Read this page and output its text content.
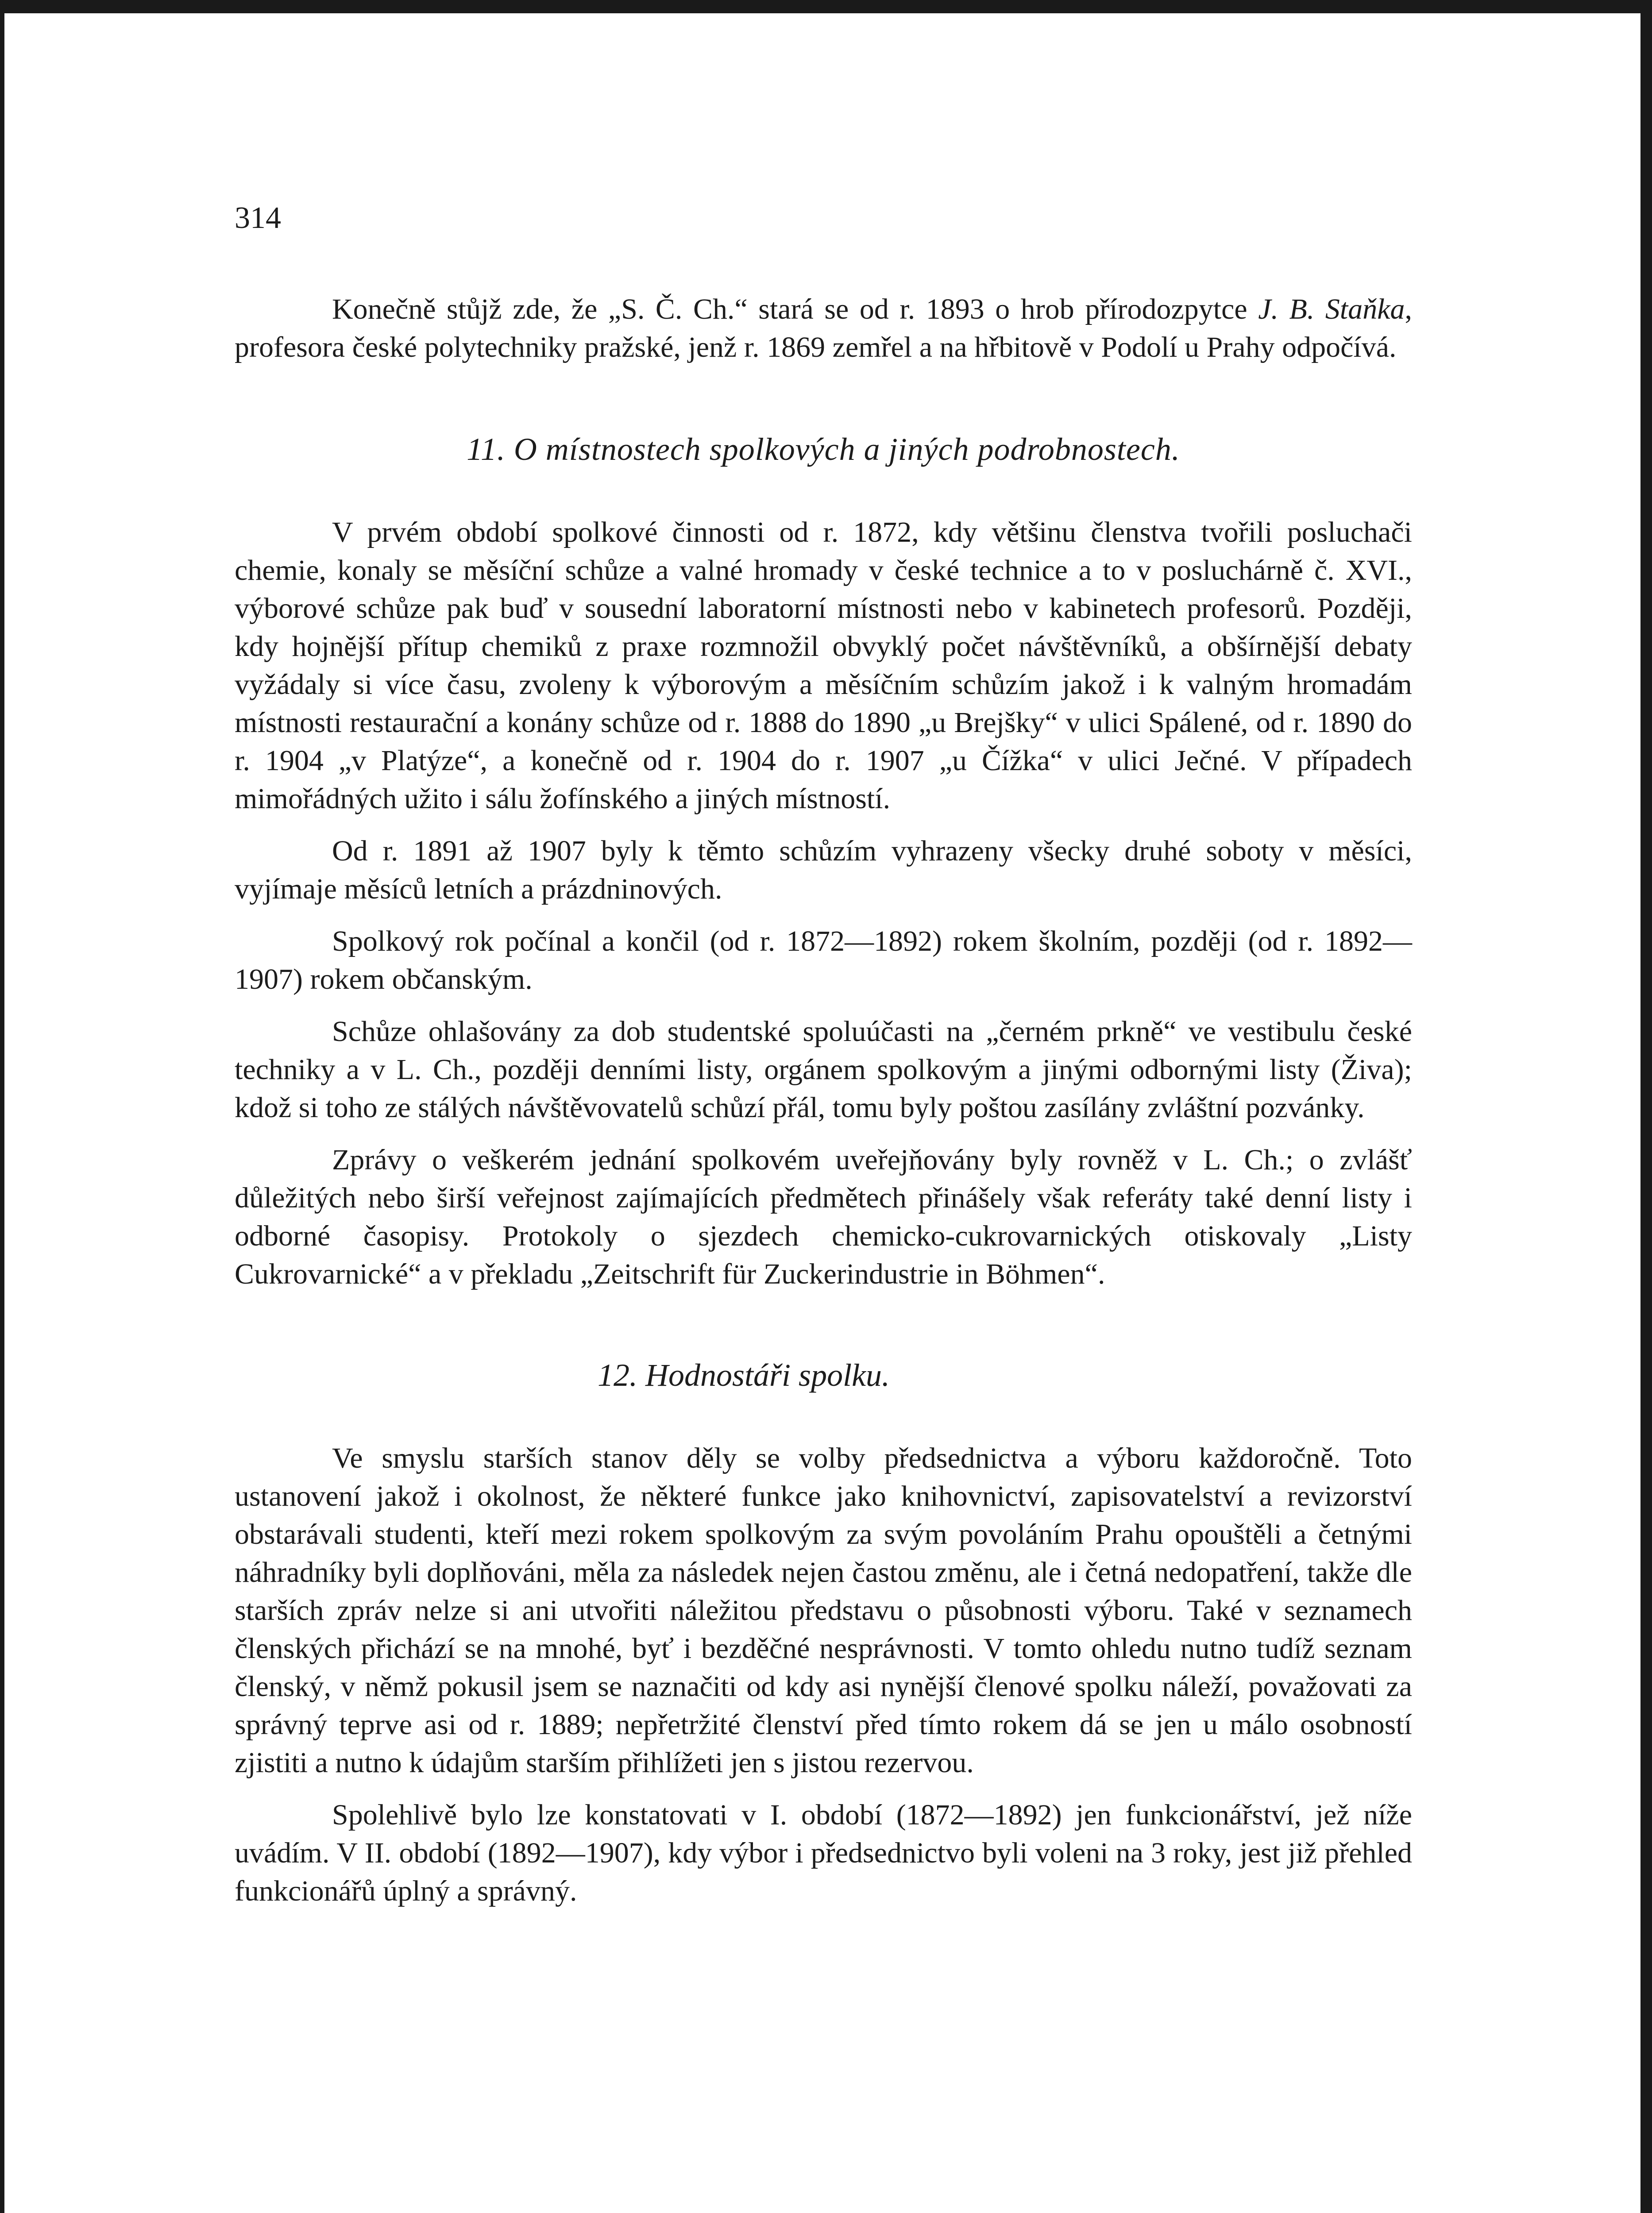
314

Konečně stůjž zde, že „S. Č. Ch.“ stará se od r. 1893 o hrob přírodozpytce J. B. Staňka, profesora české polytechniky pražské, jenž r. 1869 zemřel a na hřbitově v Podolí u Prahy odpočívá.

11. O místnostech spolkových a jiných podrobnostech.

V prvém období spolkové činnosti od r. 1872, kdy většinu členstva tvořili posluchači chemie, konaly se měsíční schůze a valné hromady v české technice a to v posluchárně č. XVI., výborové schůze pak buď v sousední laboratorní místnosti nebo v kabinetech profesorů. Později, kdy hojnější přítup chemiků z praxe rozmnožil obvyklý počet návštěvníků, a obšírnější debaty vyžádaly si více času, zvoleny k výborovým a měsíčním schůzím jakož i k valným hromadám místnosti restaurační a konány schůze od r. 1888 do 1890 „u Brejšky“ v ulici Spálené, od r. 1890 do r. 1904 „v Platýze“, a konečně od r. 1904 do r. 1907 „u Čížka“ v ulici Ječné. V případech mimořádných užito i sálu žofínského a jiných místností.

Od r. 1891 až 1907 byly k těmto schůzím vyhrazeny všecky druhé soboty v měsíci, vyjímaje měsíců letních a prázdninových.

Spolkový rok počínal a končil (od r. 1872—1892) rokem školním, později (od r. 1892—1907) rokem občanským.

Schůze ohlašovány za dob studentské spoluúčasti na „černém prkně“ ve vestibulu české techniky a v L. Ch., později denními listy, orgánem spolkovým a jinými odbornými listy (Živa); kdož si toho ze stálých návštěvovatelů schůzí přál, tomu byly poštou zasílány zvláštní pozvánky.

Zprávy o veškerém jednání spolkovém uveřejňovány byly rovněž v L. Ch.; o zvlášť důležitých nebo širší veřejnost zajímajících předmětech přinášely však referáty také denní listy i odborné časopisy. Protokoly o sjezdech chemicko-cukrovarnických otiskovaly „Listy Cukrovarnické“ a v překladu „Zeitschrift für Zuckerindustrie in Böhmen“.

12. Hodnostáři spolku.

Ve smyslu starších stanov děly se volby předsednictva a výboru každoročně. Toto ustanovení jakož i okolnost, že některé funkce jako knihovnictví, zapisovatelství a revizorství obstarávali studenti, kteří mezi rokem spolkovým za svým povoláním Prahu opouštěli a četnými náhradníky byli doplňováni, měla za následek nejen častou změnu, ale i četná nedopatření, takže dle starších zpráv nelze si ani utvořiti náležitou představu o působnosti výboru. Také v seznamech členských přichází se na mnohé, byť i bezděčné nesprávnosti. V tomto ohledu nutno tudíž seznam členský, v němž pokusil jsem se naznačiti od kdy asi nynější členové spolku náleží, považovati za správný teprve asi od r. 1889; nepřetržité členství před tímto rokem dá se jen u málo osobností zjistiti a nutno k údajům starším přihlížeti jen s jistou rezervou.

Spolehlivě bylo lze konstatovati v I. období (1872—1892) jen funkcionářství, jež níže uvádím. V II. období (1892—1907), kdy výbor i předsednictvo byli voleni na 3 roky, jest již přehled funkcionářů úplný a správný.
